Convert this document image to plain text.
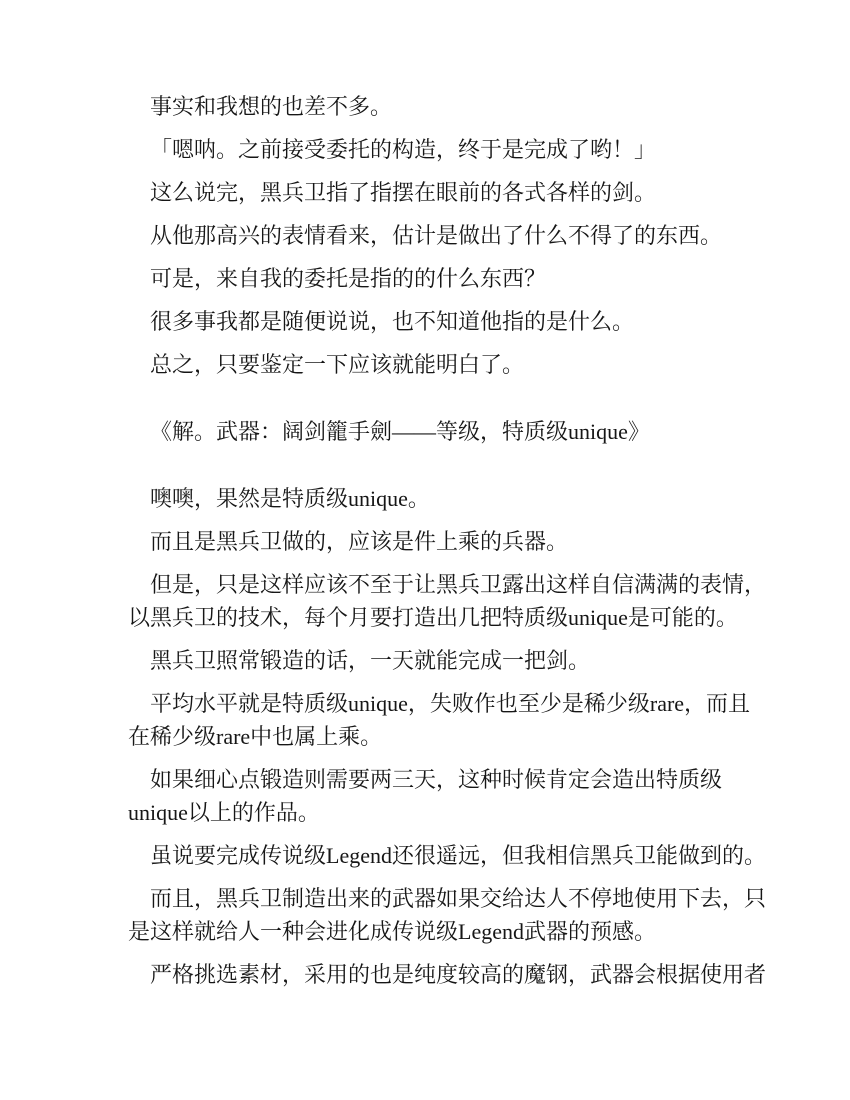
事实和我想的也差不多。

「嗯呐。之前接受委托的构造，终于是完成了哟！」

这么说完，黑兵卫指了指摆在眼前的各式各样的剑。

从他那高兴的表情看来，估计是做出了什么不得了的东西。

可是，来自我的委托是指的的什么东西？

很多事我都是随便说说，也不知道他指的是什么。

总之，只要鉴定一下应该就能明白了。

《解。武器：阔剑籠手劍——等级，特质级unique》

噢噢，果然是特质级unique。

而且是黑兵卫做的，应该是件上乘的兵器。

但是，只是这样应该不至于让黑兵卫露出这样自信满满的表情，以黑兵卫的技术，每个月要打造出几把特质级unique是可能的。

黑兵卫照常锻造的话，一天就能完成一把剑。

平均水平就是特质级unique，失败作也至少是稀少级rare，而且在稀少级rare中也属上乘。

如果细心点锻造则需要两三天，这种时候肯定会造出特质级unique以上的作品。

虽说要完成传说级Legend还很遥远，但我相信黑兵卫能做到的。

而且，黑兵卫制造出来的武器如果交给达人不停地使用下去，只是这样就给人一种会进化成传说级Legend武器的预感。

严格挑选素材，采用的也是纯度较高的魔钢，武器会根据使用者
